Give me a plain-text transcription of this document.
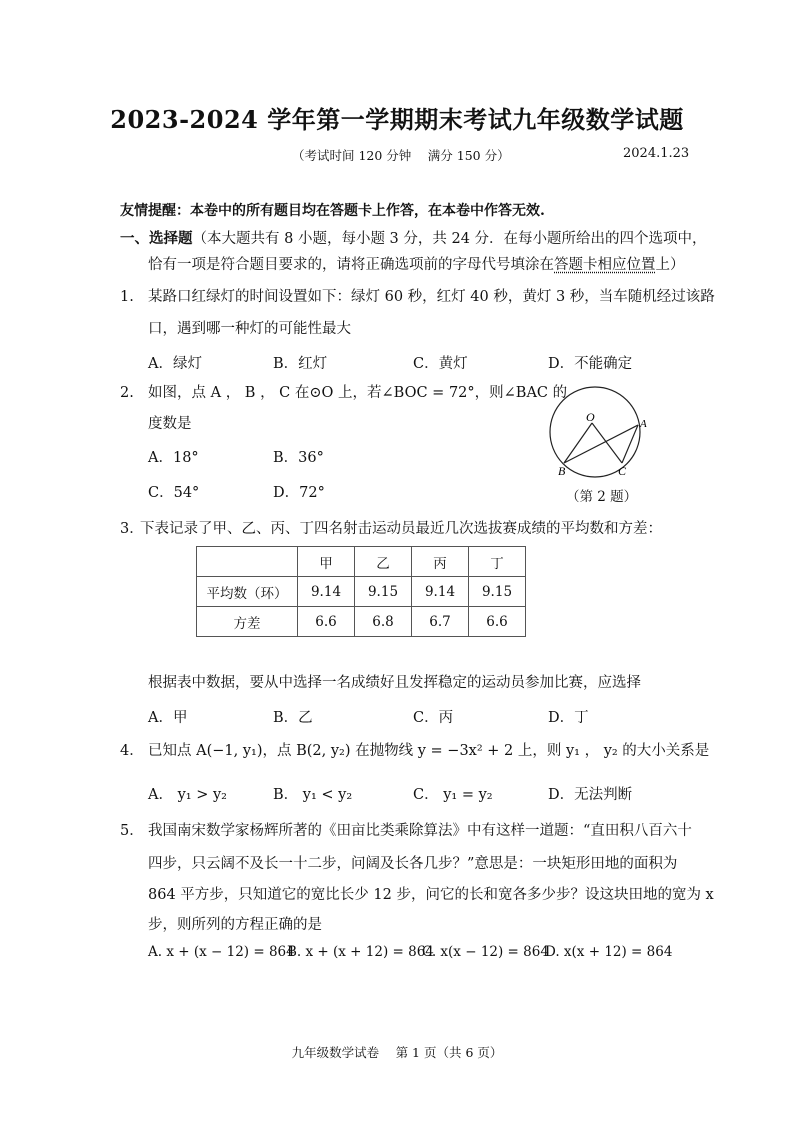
2023-2024 学年第一学期期末考试九年级数学试题
（考试时间 120 分钟　 满分 150 分）	2024.1.23
友情提醒：本卷中的所有题目均在答题卡上作答，在本卷中作答无效.
一、选择题（本大题共有 8 小题，每小题 3 分，共 24 分．在每小题所给出的四个选项中，
恰有一项是符合题目要求的，请将正确选项前的字母代号填涂在答题卡相应位置上）
1. 某路口红绿灯的时间设置如下：绿灯 60 秒，红灯 40 秒，黄灯 3 秒，当车随机经过该路
口，遇到哪一种灯的可能性最大
A．绿灯	B．红灯	C．黄灯	D．不能确定
2. 如图，点 A ， B ， C 在⊙O 上，若∠BOC = 72°，则∠BAC 的
度数是
A．18°	B．36°
C．54°	D．72°
O	A
B	C
（第 2 题）
3．
下表记录了甲、乙、丙、丁四名射击运动员最近几次选拔赛成绩的平均数和方差：
	甲	乙	丙	丁
平均数（环）	9.14	9.15	9.14	9.15
方差	6.6	6.8	6.7	6.6
根据表中数据，要从中选择一名成绩好且发挥稳定的运动员参加比赛，应选择
A．甲	B．乙	C．丙	D．丁
4． 已知点 A(−1, y₁)，点 B(2, y₂) 在抛物线 y = −3x² + 2 上，则 y₁ ， y₂ 的大小关系是
A． y₁ > y₂	B． y₁ < y₂	C． y₁ = y₂	D．无法判断
5． 我国南宋数学家杨辉所著的《田亩比类乘除算法》中有这样一道题：“直田积八百六十
四步，只云阔不及长一十二步，问阔及长各几步？”意思是：一块矩形田地的面积为
864 平方步，只知道它的宽比长少 12 步，问它的长和宽各多少步？设这块田地的宽为 x
步，则所列的方程正确的是
A. x + (x − 12) = 864
B. x + (x + 12) = 864
C. x(x − 12) = 864
D. x(x + 12) = 864
九年级数学试卷　 第 1 页（共 6 页）
